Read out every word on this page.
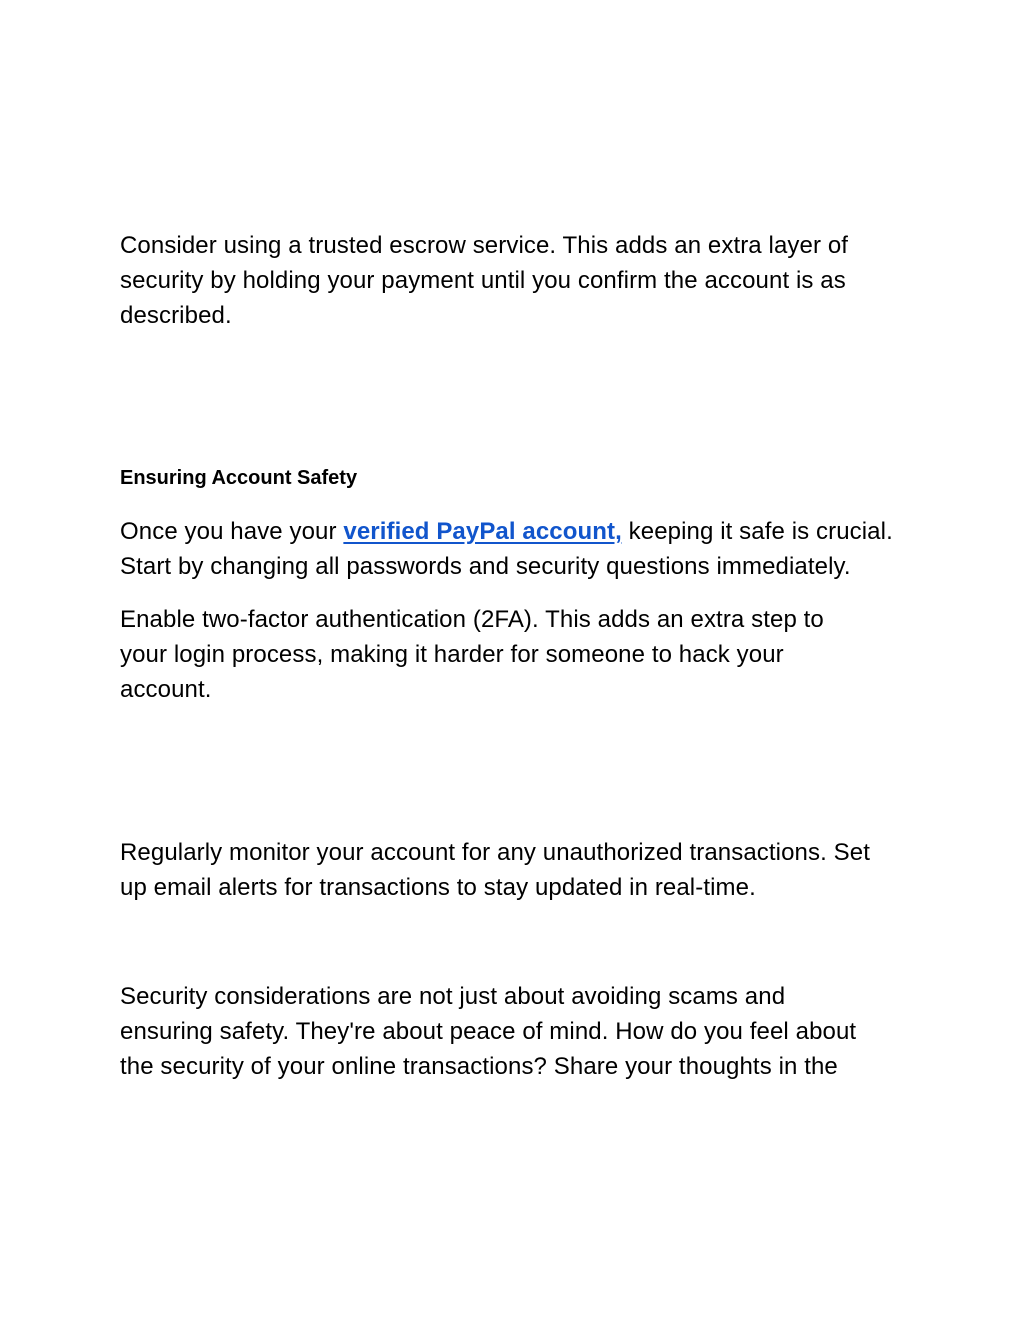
Consider using a trusted escrow service. This adds an extra layer of
security by holding your payment until you confirm the account is as
described.
Ensuring Account Safety
Once you have your verified PayPal account, keeping it safe is crucial.
Start by changing all passwords and security questions immediately.
Enable two-factor authentication (2FA). This adds an extra step to
your login process, making it harder for someone to hack your
account.
Regularly monitor your account for any unauthorized transactions. Set
up email alerts for transactions to stay updated in real-time.
Security considerations are not just about avoiding scams and
ensuring safety. They're about peace of mind. How do you feel about
the security of your online transactions? Share your thoughts in the
